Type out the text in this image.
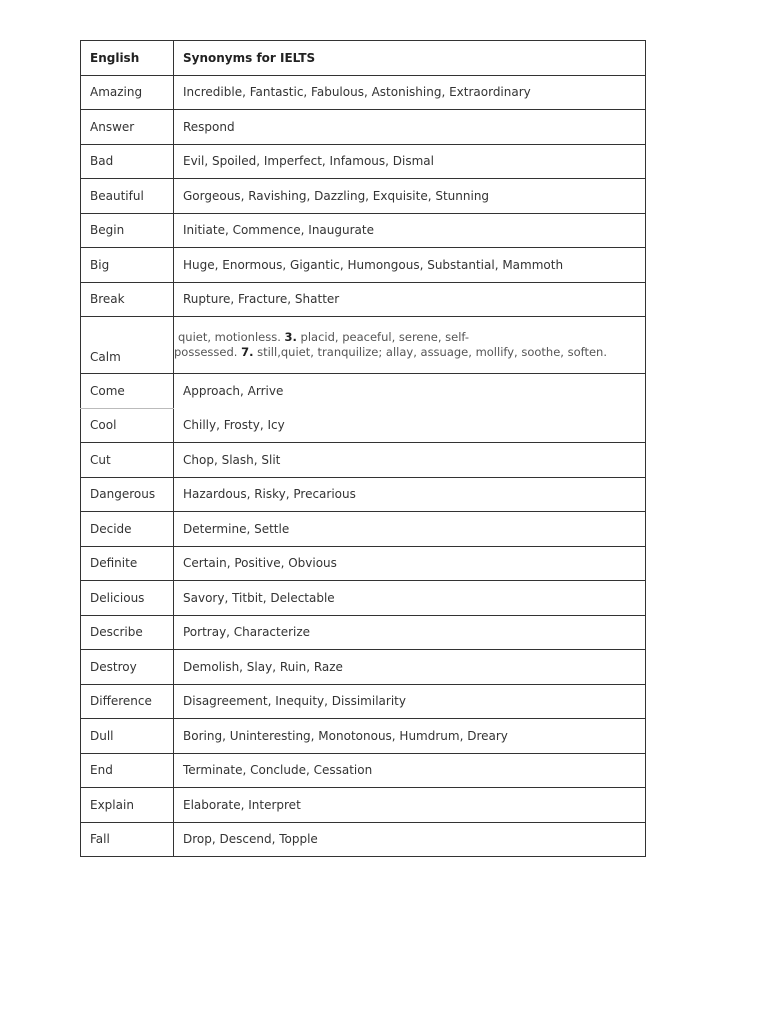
English	Synonyms for IELTS
Amazing	Incredible, Fantastic, Fabulous, Astonishing, Extraordinary
Answer	Respond
Bad	Evil, Spoiled, Imperfect, Infamous, Dismal
Beautiful	Gorgeous, Ravishing, Dazzling, Exquisite, Stunning
Begin	Initiate, Commence, Inaugurate
Big	Huge, Enormous, Gigantic, Humongous, Substantial, Mammoth
Break	Rupture, Fracture, Shatter
Calm	quiet, motionless. 3. placid, peaceful, serene, self-
possessed. 7. still,quiet, tranquilize; allay, assuage, mollify, soothe, soften.

Come	Approach, Arrive
Cool	Chilly, Frosty, Icy
Cut	Chop, Slash, Slit
Dangerous	Hazardous, Risky, Precarious
Decide	Determine, Settle
Definite	Certain, Positive, Obvious
Delicious	Savory, Titbit, Delectable
Describe	Portray, Characterize
Destroy	Demolish, Slay, Ruin, Raze
Difference	Disagreement, Inequity, Dissimilarity
Dull	Boring, Uninteresting, Monotonous, Humdrum, Dreary
End	Terminate, Conclude, Cessation
Explain	Elaborate, Interpret
Fall	Drop, Descend, Topple
